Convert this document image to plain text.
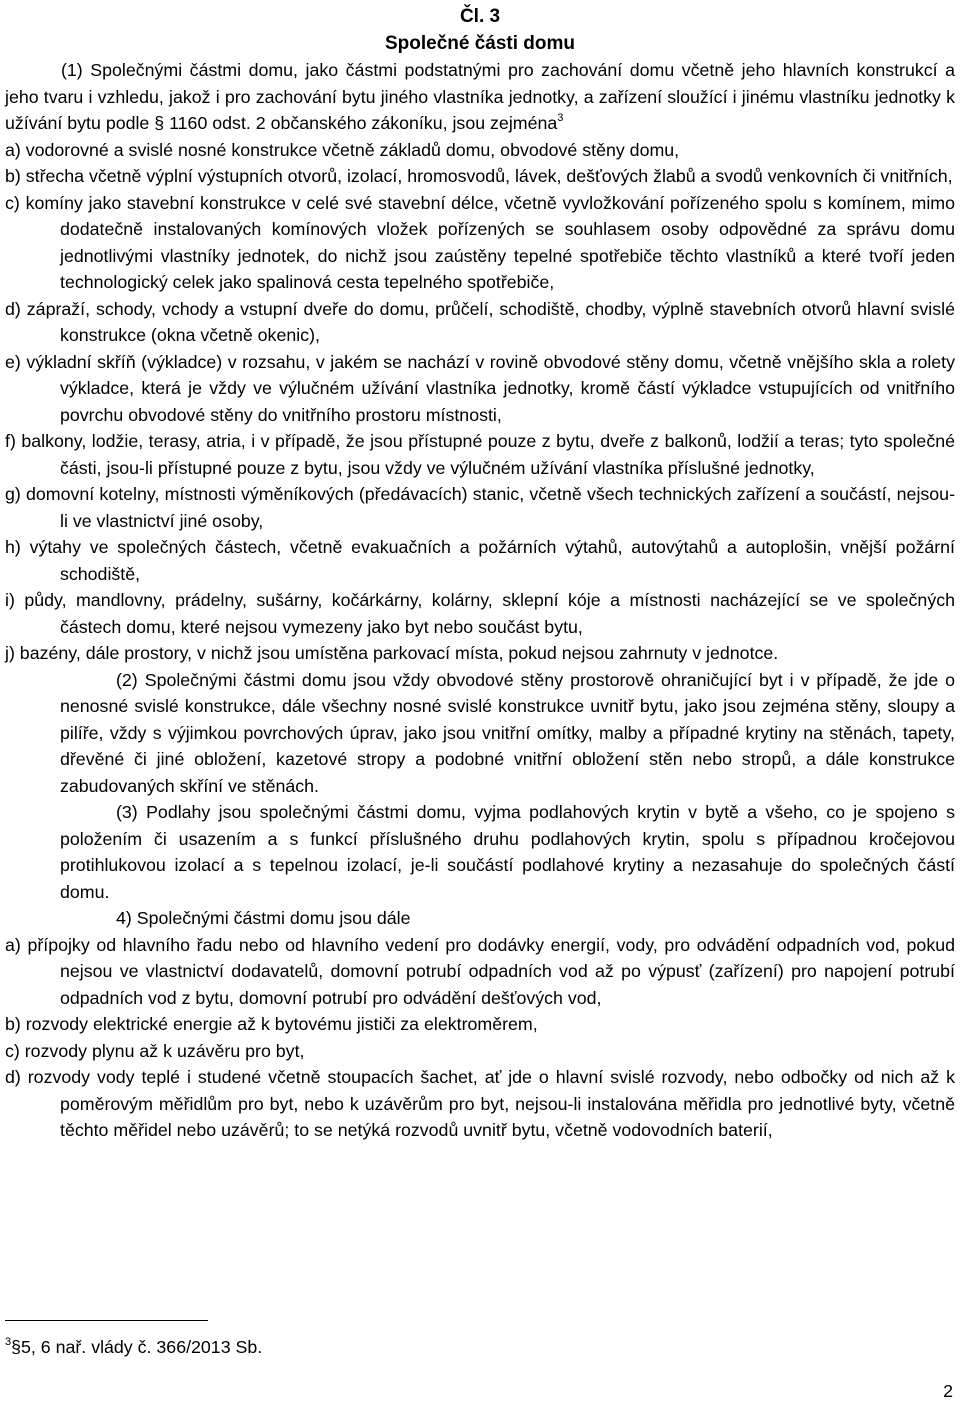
Čl. 3

Společné části domu

(1) Společnými částmi domu, jako částmi podstatnými pro zachování domu včetně jeho hlavních konstrukcí a jeho tvaru i vzhledu, jakož i pro zachování bytu jiného vlastníka jednotky, a zařízení sloužící i jinému vlastníku jednotky k užívání bytu podle § 1160 odst. 2 občanského zákoníku, jsou zejména$^3$

a) vodorovné a svislé nosné konstrukce včetně základů domu, obvodové stěny domu,

b) střecha včetně výplní výstupních otvorů, izolací, hromosvodů, lávek, dešťových žlabů a svodů venkovních či vnitřních,

c) komíny jako stavební konstrukce v celé své stavební délce, včetně vyvložkování pořízeného spolu s komínem, mimo dodatečně instalovaných komínových vložek pořízených se souhlasem osoby odpovědné za správu domu jednotlivými vlastníky jednotek, do nichž jsou zaústěny tepelné spotřebiče těchto vlastníků a které tvoří jeden technologický celek jako spalinová cesta tepelného spotřebiče,

d) zápraží, schody, vchody a vstupní dveře do domu, průčelí, schodiště, chodby, výplně stavebních otvorů hlavní svislé konstrukce (okna včetně okenic),

e) výkladní skříň (výkladce) v rozsahu, v jakém se nachází v rovině obvodové stěny domu, včetně vnějšího skla a rolety výkladce, která je vždy ve výlučném užívání vlastníka jednotky, kromě částí výkladce vstupujících od vnitřního povrchu obvodové stěny do vnitřního prostoru místnosti,

f) balkony, lodžie, terasy, atria, i v případě, že jsou přístupné pouze z bytu, dveře z balkonů, lodžií a teras; tyto společné části, jsou-li přístupné pouze z bytu, jsou vždy ve výlučném užívání vlastníka příslušné jednotky,

g) domovní kotelny, místnosti výměníkových (předávacích) stanic, včetně všech technických zařízení a součástí, nejsou-li ve vlastnictví jiné osoby,

h) výtahy ve společných částech, včetně evakuačních a požárních výtahů, autovýtahů a autoplošin, vnější požární schodiště,

i) půdy, mandlovny, prádelny, sušárny, kočárkárny, kolárny, sklepní kóje a místnosti nacházející se ve společných částech domu, které nejsou vymezeny jako byt nebo součást bytu,

j) bazény, dále prostory, v nichž jsou umístěna parkovací místa, pokud nejsou zahrnuty v jednotce.

(2) Společnými částmi domu jsou vždy obvodové stěny prostorově ohraničující byt i v případě, že jde o nenosné svislé konstrukce, dále všechny nosné svislé konstrukce uvnitř bytu, jako jsou zejména stěny, sloupy a pilíře, vždy s výjimkou povrchových úprav, jako jsou vnitřní omítky, malby a případné krytiny na stěnách, tapety, dřevěné či jiné obložení, kazetové stropy a podobné vnitřní obložení stěn nebo stropů, a dále konstrukce zabudovaných skříní ve stěnách.

(3) Podlahy jsou společnými částmi domu, vyjma podlahových krytin v bytě a všeho, co je spojeno s položením či usazením a s funkcí příslušného druhu podlahových krytin, spolu s případnou kročejovou protihlukovou izolací a s tepelnou izolací, je-li součástí podlahové krytiny a nezasahuje do společných částí domu.

4) Společnými částmi domu jsou dále

a) přípojky od hlavního řadu nebo od hlavního vedení pro dodávky energií, vody, pro odvádění odpadních vod, pokud nejsou ve vlastnictví dodavatelů, domovní potrubí odpadních vod až po výpusť (zařízení) pro napojení potrubí odpadních vod z bytu, domovní potrubí pro odvádění dešťových vod,

b) rozvody elektrické energie až k bytovému jističi za elektroměrem,

c) rozvody plynu až k uzávěru pro byt,

d) rozvody vody teplé i studené včetně stoupacích šachet, ať jde o hlavní svislé rozvody, nebo odbočky od nich až k poměrovým měřidlům pro byt, nebo k uzávěrům pro byt, nejsou-li instalována měřidla pro jednotlivé byty, včetně těchto měřidel nebo uzávěrů; to se netýká rozvodů uvnitř bytu, včetně vodovodních baterií,

$^3$§5, 6 nař. vlády č. 366/2013 Sb.
2
